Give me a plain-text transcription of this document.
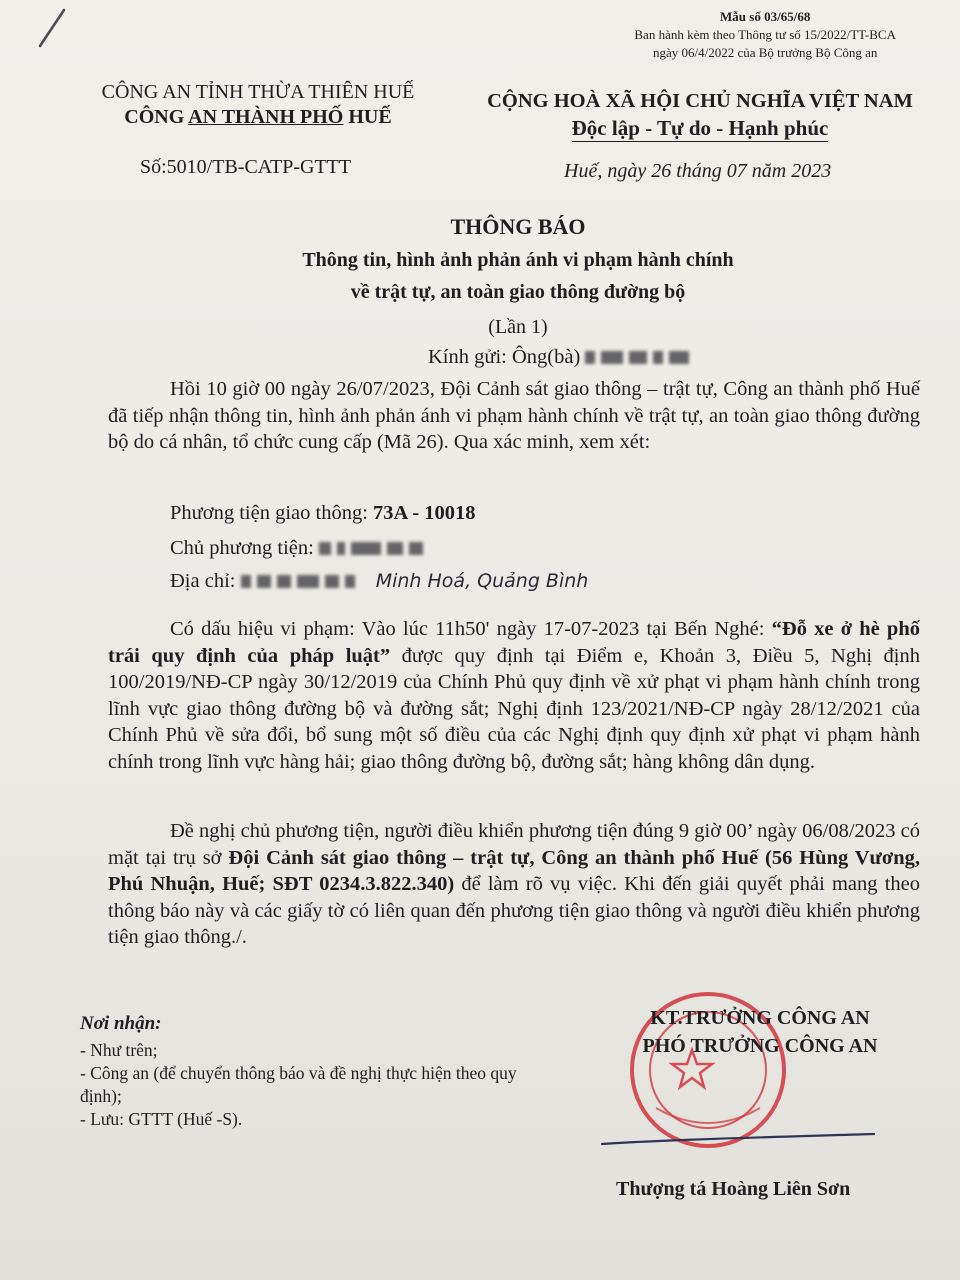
Mẫu số 03/65/68
Ban hành kèm theo Thông tư số 15/2022/TT-BCA
ngày 06/4/2022 của Bộ trưởng Bộ Công an
CÔNG AN TỈNH THỪA THIÊN HUẾ
CÔNG AN THÀNH PHỐ HUẾ
CỘNG HOÀ XÃ HỘI CHỦ NGHĨA VIỆT NAM
Độc lập - Tự do - Hạnh phúc
Số:5010/TB-CATP-GTTT	Huế, ngày 26 tháng 07 năm 2023
THÔNG BÁO
Thông tin, hình ảnh phản ánh vi phạm hành chính
về trật tự, an toàn giao thông đường bộ
(Lần 1)
Kính gửi: Ông(bà)
Hồi 10 giờ 00 ngày 26/07/2023, Đội Cảnh sát giao thông – trật tự, Công an thành phố Huế đã tiếp nhận thông tin, hình ảnh phản ánh vi phạm hành chính về trật tự, an toàn giao thông đường bộ do cá nhân, tổ chức cung cấp (Mã 26). Qua xác minh, xem xét:
Phương tiện giao thông: 73A - 10018
Chủ phương tiện:
Địa chỉ:	Minh Hoá, Quảng Bình
Có dấu hiệu vi phạm: Vào lúc 11h50' ngày 17-07-2023 tại Bến Nghé: “Đỗ xe ở hè phố trái quy định của pháp luật” được quy định tại Điểm e, Khoản 3, Điều 5, Nghị định 100/2019/NĐ-CP ngày 30/12/2019 của Chính Phủ quy định về xử phạt vi phạm hành chính trong lĩnh vực giao thông đường bộ và đường sắt; Nghị định 123/2021/NĐ-CP ngày 28/12/2021 của Chính Phủ về sửa đổi, bổ sung một số điều của các Nghị định quy định xử phạt vi phạm hành chính trong lĩnh vực hàng hải; giao thông đường bộ, đường sắt; hàng không dân dụng.
Đề nghị chủ phương tiện, người điều khiển phương tiện đúng 9 giờ 00’ ngày 06/08/2023 có mặt tại trụ sở Đội Cảnh sát giao thông – trật tự, Công an thành phố Huế (56 Hùng Vương, Phú Nhuận, Huế; SĐT 0234.3.822.340) để làm rõ vụ việc. Khi đến giải quyết phải mang theo thông báo này và các giấy tờ có liên quan đến phương tiện giao thông và người điều khiển phương tiện giao thông./.
Nơi nhận:
- Như trên;
- Công an (để chuyển thông báo và đề nghị thực hiện theo quy định);
- Lưu: GTTT (Huế -S).
KT.TRƯỞNG CÔNG AN
PHÓ TRƯỞNG CÔNG AN
Thượng tá Hoàng Liên Sơn
